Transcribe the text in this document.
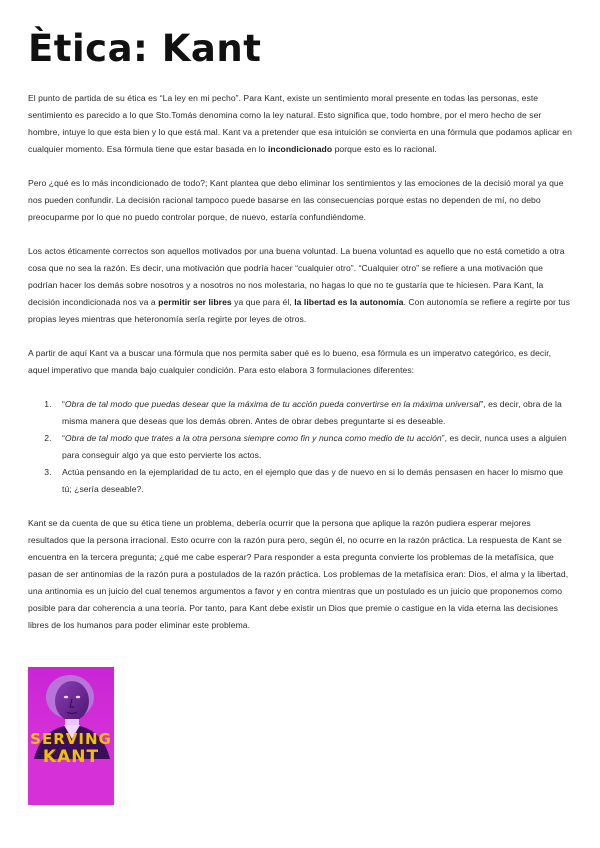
Ètica: Kant

El punto de partida de su ética es “La ley en mi pecho”. Para Kant, existe un sentimiento moral presente en todas las personas, este sentimiento es parecido a lo que Sto.Tomás denomina como la ley natural. Esto significa que, todo hombre, por el mero hecho de ser hombre, intuye lo que esta bien y lo que está mal. Kant va a pretender que esa intuición se convierta en una fórmula que podamos aplicar en cualquier momento. Esa fórmula tiene que estar basada en lo incondicionado porque esto es lo racional.

Pero ¿qué es lo más incondicionado de todo?; Kant plantea que debo eliminar los sentimientos y las emociones de la decisió moral ya que nos pueden confundir. La decisión racional tampoco puede basarse en las consecuencias porque estas no dependen de mí, no debo preocuparme por lo que no puedo controlar porque, de nuevo, estaría confundiéndome.

Los actos éticamente correctos son aquellos motivados por una buena voluntad. La buena voluntad es aquello que no está cometido a otra cosa que no sea la razón. Es decir, una motivación que podría hacer “cualquier otro”. “Cualquier otro” se refiere a una motivación que podrían hacer los demás sobre nosotros y a nosotros no nos molestaria, no hagas lo que no te gustaría que te hiciesen. Para Kant, la decisión incondicionada nos va a permitir ser libres ya que para él, la libertad es la autonomía. Con autonomía se refiere a regirte por tus propias leyes mientras que heteronomía sería regirte por leyes de otros.

A partir de aquí Kant va a buscar una fórmula que nos permita saber qué es lo bueno, esa fórmula es un imperatvo categórico, es decir, aquel imperativo que manda bajo cualquier condición. Para esto elabora 3 formulaciones diferentes:

1. “Obra de tal modo que puedas desear que la máxima de tu acción pueda convertirse en la máxima universal”, es decir, obra de la misma manera que deseas que los demás obren. Antes de obrar debes preguntarte si es deseable.
2. “Obra de tal modo que trates a la otra persona siempre como fin y nunca como medio de tu acción”, es decir, nunca uses a alguien para conseguir algo ya que esto pervierte los actos.
3. Actúa pensando en la ejemplaridad de tu acto, en el ejemplo que das y de nuevo en si lo demás pensasen en hacer lo mismo que tú; ¿sería deseable?.

Kant se da cuenta de que su ética tiene un problema, debería ocurrir que la persona que aplique la razón pudiera esperar mejores resultados que la persona irracional. Esto ocurre con la razón pura pero, según él, no ocurre en la razón práctica. La respuesta de Kant se encuentra en la tercera pregunta; ¿qué me cabe esperar? Para responder a esta pregunta convierte los problemas de la metafísica, que pasan de ser antinomias de la razón pura a postulados de la razón práctica. Los problemas de la metafísica eran: Dios, el alma y la libertad, una antinomia es un juicio del cual tenemos argumentos a favor y en contra mientras que un postulado es un juicio que proponemos como posible para dar coherencia a una teoría. Por tanto, para Kant debe existir un Dios que premie o castigue en la vida eterna las decisiones libres de los humanos para poder eliminar este problema.

SERVING
KANT
